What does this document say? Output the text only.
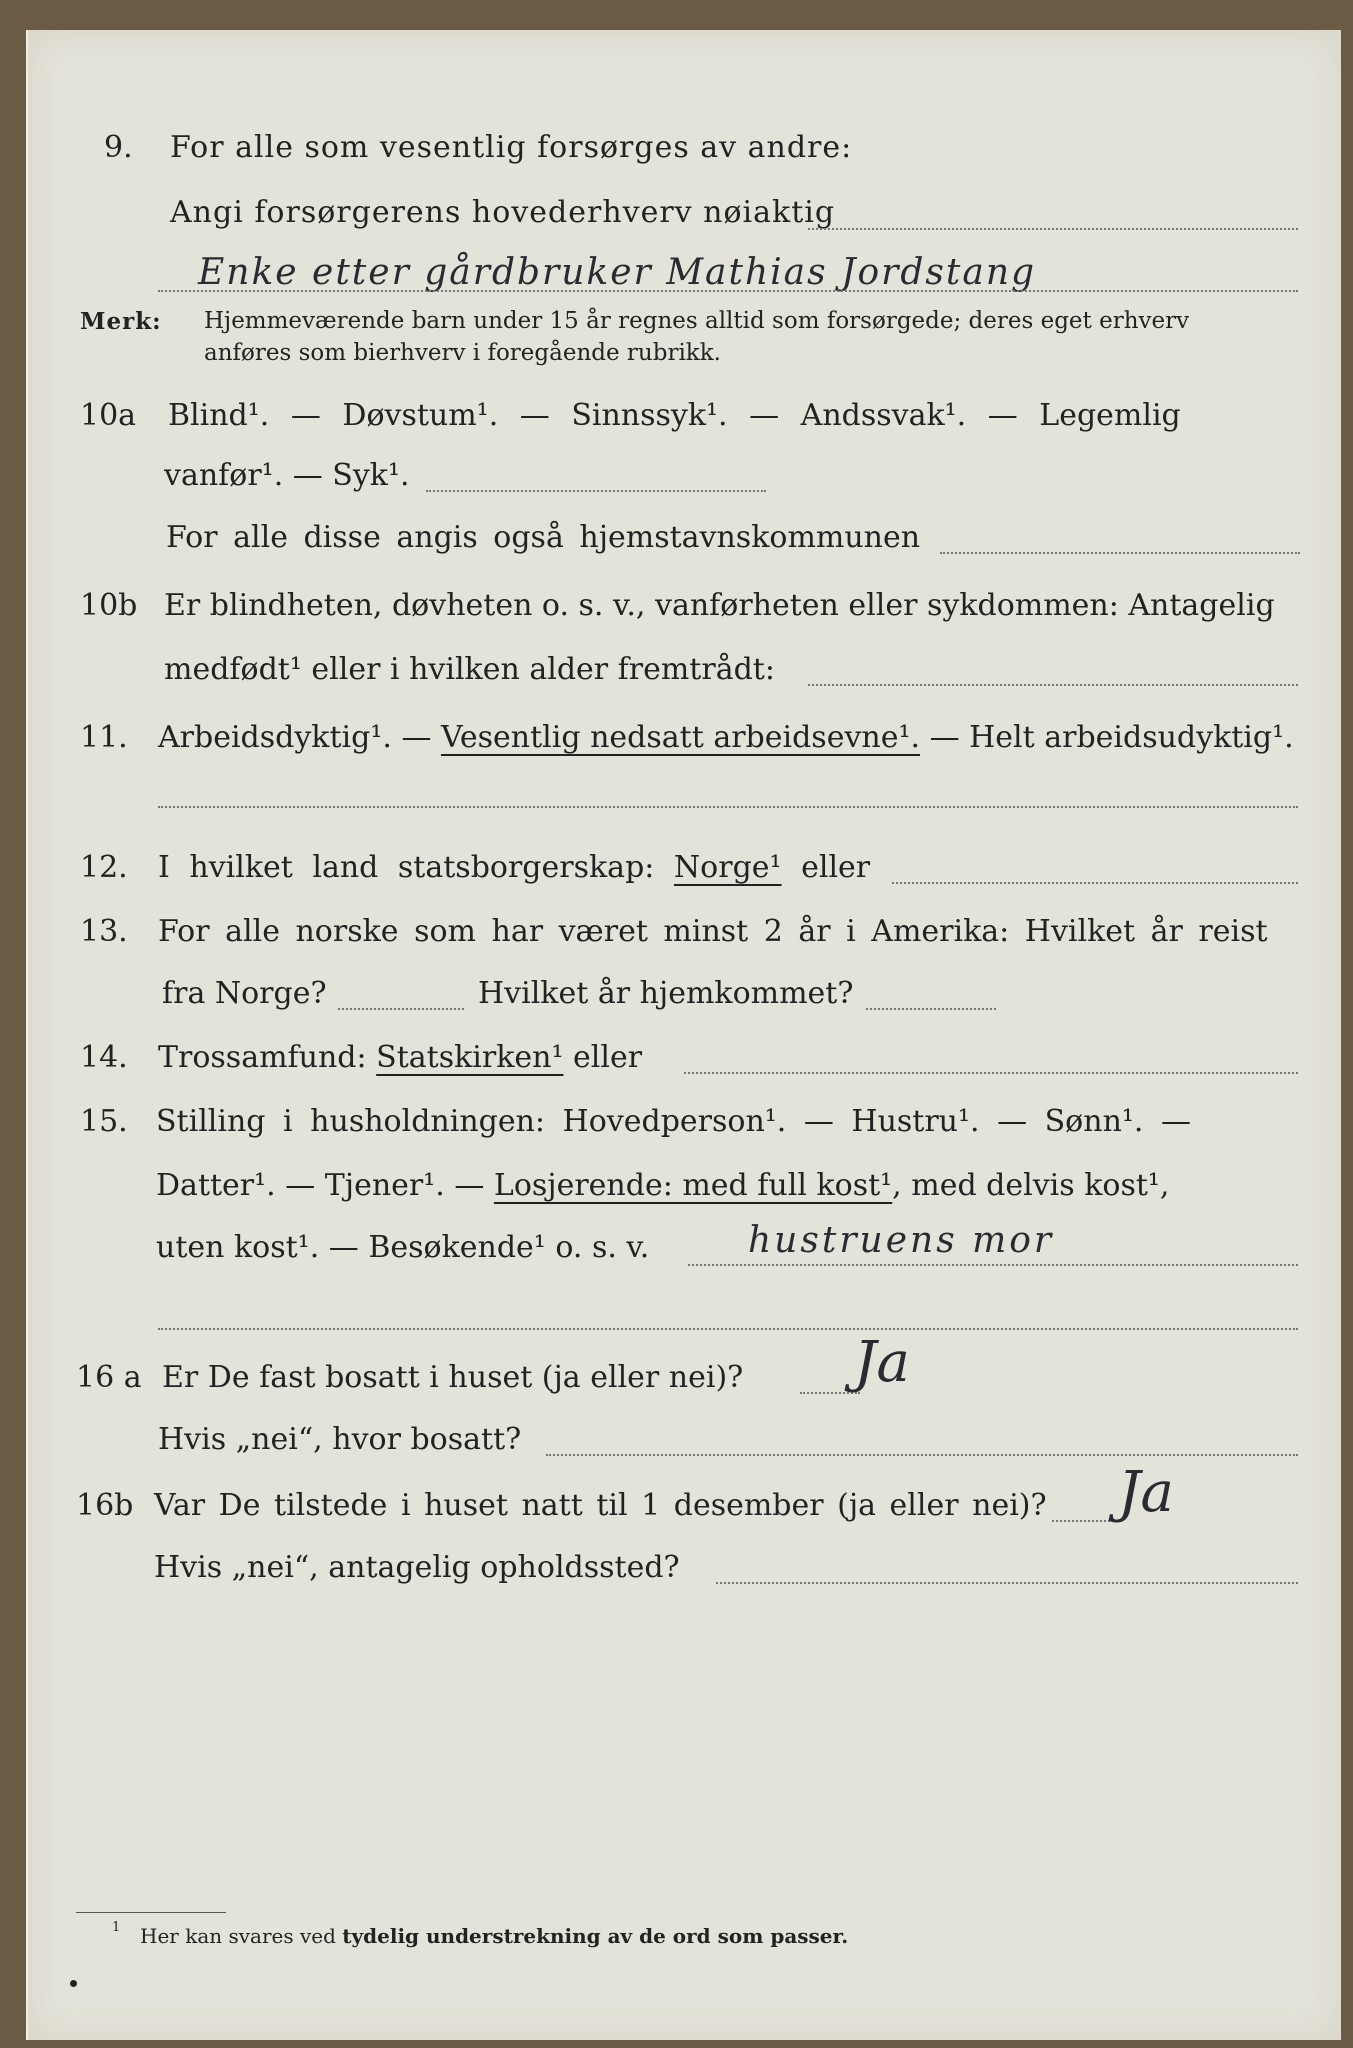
9. For alle som vesentlig forsørges av andre:
Angi forsørgerens hovederhverv nøiaktig
Enke etter gårdbruker Mathias Jordstang
Merk: Hjemmeværende barn under 15 år regnes alltid som forsørgede; deres eget erhverv
anføres som bierhverv i foregående rubrikk.
10a Blind¹. — Døvstum¹. — Sinnssyk¹. — Andssvak¹. — Legemlig
vanfør¹. — Syk¹.
For alle disse angis også hjemstavnskommunen
10b Er blindheten, døvheten o. s. v., vanførheten eller sykdommen: Antagelig
medfødt¹ eller i hvilken alder fremtrådt:
11. Arbeidsdyktig¹. — Vesentlig nedsatt arbeidsevne¹. — Helt arbeidsudyktig¹.
12. I hvilket land statsborgerskap: Norge¹ eller
13. For alle norske som har været minst 2 år i Amerika: Hvilket år reist
fra Norge?	Hvilket år hjemkommet?
14. Trossamfund: Statskirken¹ eller
15. Stilling i husholdningen: Hovedperson¹. — Hustru¹. — Sønn¹. —
Datter¹. — Tjener¹. — Losjerende: med full kost¹, med delvis kost¹,
uten kost¹. — Besøkende¹ o. s. v.	hustruens mor
16 a Er De fast bosatt i huset (ja eller nei)? Ja
Hvis „nei“, hvor bosatt?
16b Var De tilstede i huset natt til 1 desember (ja eller nei)? Ja
Hvis „nei“, antagelig opholdssted?
1 Her kan svares ved tydelig understrekning av de ord som passer.
